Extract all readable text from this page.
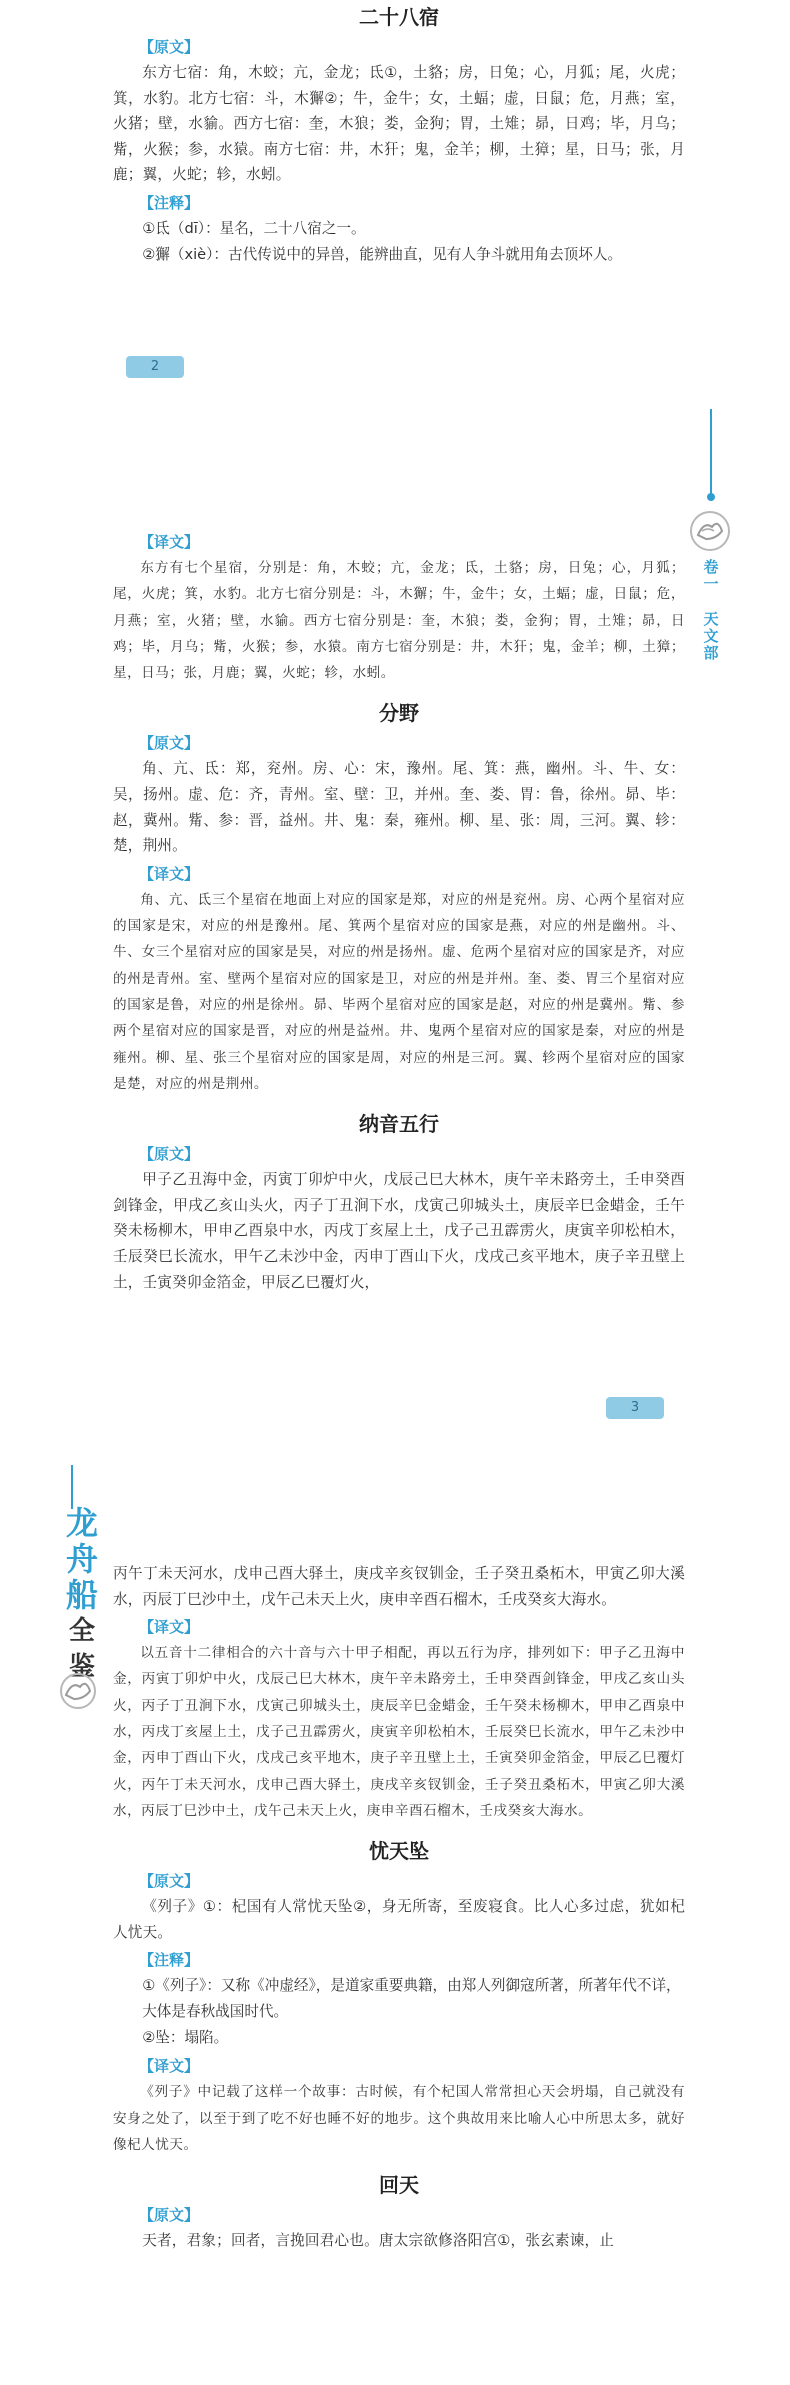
二十八宿
【原文】

东方七宿：角，木蛟；亢，金龙；氐①，土貉；房，日兔；心，月狐；尾，火虎；箕，水豹。北方七宿：斗，木獬②；牛，金牛；女，土蝠；虚，日鼠；危，月燕；室，火猪；壁，水貐。西方七宿：奎，木狼；娄，金狗；胃，土雉；昴，日鸡；毕，月乌；觜，火猴；参，水猿。南方七宿：井，木犴；鬼，金羊；柳，土獐；星，日马；张，月鹿；翼，火蛇；轸，水蚓。

【注释】

①氐（dī）：星名，二十八宿之一。

②獬（xiè）：古代传说中的异兽，能辨曲直，见有人争斗就用角去顶坏人。

2
卷一
天文部
【译文】

东方有七个星宿，分别是：角，木蛟；亢，金龙；氐，土貉；房，日兔；心，月狐；尾，火虎；箕，水豹。北方七宿分别是：斗，木獬；牛，金牛；女，土蝠；虚，日鼠；危，月燕；室，火猪；壁，水貐。西方七宿分别是：奎，木狼；娄，金狗；胃，土雉；昴，日鸡；毕，月乌；觜，火猴；参，水猿。南方七宿分别是：井，木犴；鬼，金羊；柳，土獐；星，日马；张，月鹿；翼，火蛇；轸，水蚓。

分野
【原文】

角、亢、氐：郑，兖州。房、心：宋，豫州。尾、箕：燕，幽州。斗、牛、女：吴，扬州。虚、危：齐，青州。室、壁：卫，并州。奎、娄、胃：鲁，徐州。昴、毕：赵，冀州。觜、参：晋，益州。井、鬼：秦，雍州。柳、星、张：周，三河。翼、轸：楚，荆州。

【译文】

角、亢、氐三个星宿在地面上对应的国家是郑，对应的州是兖州。房、心两个星宿对应的国家是宋，对应的州是豫州。尾、箕两个星宿对应的国家是燕，对应的州是幽州。斗、牛、女三个星宿对应的国家是吴，对应的州是扬州。虚、危两个星宿对应的国家是齐，对应的州是青州。室、壁两个星宿对应的国家是卫，对应的州是并州。奎、娄、胃三个星宿对应的国家是鲁，对应的州是徐州。昴、毕两个星宿对应的国家是赵，对应的州是冀州。觜、参两个星宿对应的国家是晋，对应的州是益州。井、鬼两个星宿对应的国家是秦，对应的州是雍州。柳、星、张三个星宿对应的国家是周，对应的州是三河。翼、轸两个星宿对应的国家是楚，对应的州是荆州。

纳音五行
【原文】

甲子乙丑海中金，丙寅丁卯炉中火，戊辰己巳大林木，庚午辛未路旁土，壬申癸酉剑锋金，甲戌乙亥山头火，丙子丁丑涧下水，戊寅己卯城头土，庚辰辛巳金蜡金，壬午癸未杨柳木，甲申乙酉泉中水，丙戌丁亥屋上土，戊子己丑霹雳火，庚寅辛卯松柏木，壬辰癸巳长流水，甲午乙未沙中金，丙申丁酉山下火，戊戌己亥平地木，庚子辛丑壁上土，壬寅癸卯金箔金，甲辰乙巳覆灯火，

3
龙
舟
船
全鉴

丙午丁未天河水，戊申己酉大驿土，庚戌辛亥钗钏金，壬子癸丑桑柘木，甲寅乙卯大溪水，丙辰丁巳沙中土，戊午己未天上火，庚申辛酉石榴木，壬戌癸亥大海水。

【译文】

以五音十二律相合的六十音与六十甲子相配，再以五行为序，排列如下：甲子乙丑海中金，丙寅丁卯炉中火，戊辰己巳大林木，庚午辛未路旁土，壬申癸酉剑锋金，甲戌乙亥山头火，丙子丁丑涧下水，戊寅己卯城头土，庚辰辛巳金蜡金，壬午癸未杨柳木，甲申乙酉泉中水，丙戌丁亥屋上土，戊子己丑霹雳火，庚寅辛卯松柏木，壬辰癸巳长流水，甲午乙未沙中金，丙申丁酉山下火，戊戌己亥平地木，庚子辛丑壁上土，壬寅癸卯金箔金，甲辰乙巳覆灯火，丙午丁未天河水，戊申己酉大驿土，庚戌辛亥钗钏金，壬子癸丑桑柘木，甲寅乙卯大溪水，丙辰丁巳沙中土，戊午己未天上火，庚申辛酉石榴木，壬戌癸亥大海水。

忧天坠
【原文】

《列子》①：杞国有人常忧天坠②，身无所寄，至废寝食。比人心多过虑，犹如杞人忧天。

【注释】

①《列子》：又称《冲虚经》，是道家重要典籍，由郑人列御寇所著，所著年代不详，大体是春秋战国时代。

②坠：塌陷。

【译文】

《列子》中记载了这样一个故事：古时候，有个杞国人常常担心天会坍塌，自己就没有安身之处了，以至于到了吃不好也睡不好的地步。这个典故用来比喻人心中所思太多，就好像杞人忧天。

回天
【原文】

天者，君象；回者，言挽回君心也。唐太宗欲修洛阳宫①，张玄素谏，止
